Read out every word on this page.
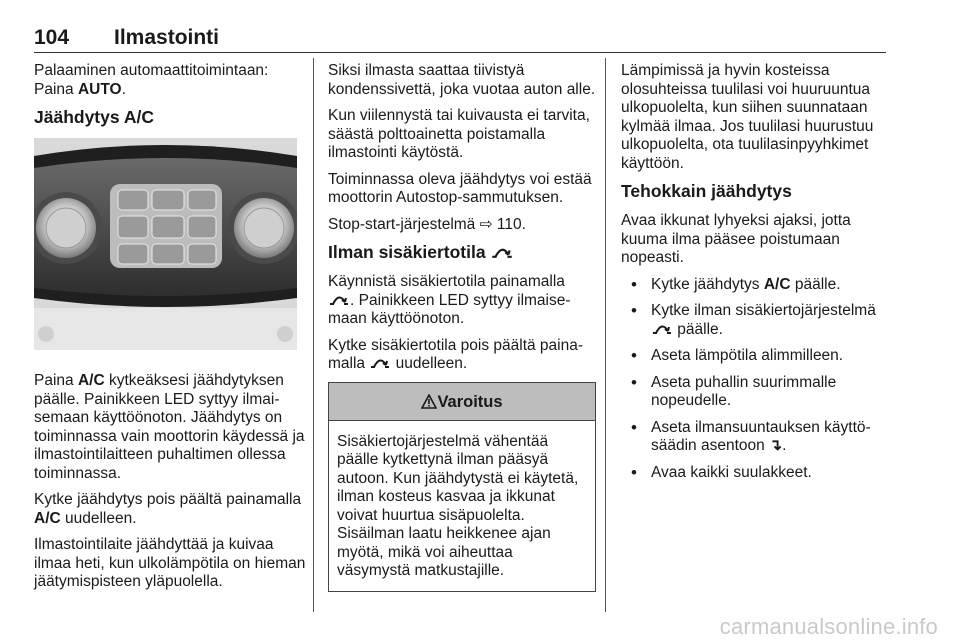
104 Ilmastointi

Palaaminen automaattitoimintaan: Paina AUTO.

Jäähdytys A/C

Paina A/C kytkeäksesi jäähdytyksen päälle. Painikkeen LED syttyy ilmaisemaan käyttöönoton. Jäähdytys on toiminnassa vain moottorin käydessä ja ilmastointilaitteen puhaltimen ollessa toiminnassa.

Kytke jäähdytys pois päältä painamalla A/C uudelleen.

Ilmastointilaite jäähdyttää ja kuivaa ilmaa heti, kun ulkolämpötila on hieman jäätymispisteen yläpuolella.

Siksi ilmasta saattaa tiivistyä kondenssivettä, joka vuotaa auton alle.

Kun viilennystä tai kuivausta ei tarvita, säästä polttoainetta poistamalla ilmastointi käytöstä.

Toiminnassa oleva jäähdytys voi estää moottorin Autostop-sammutuksen.

Stop-start-järjestelmä ⇨ 110.

Ilman sisäkiertotila

Käynnistä sisäkiertotila painamalla
. Painikkeen LED syttyy ilmaisemaan käyttöönoton.

Kytke sisäkiertotila pois päältä painamalla  uudelleen.

Varoitus
Sisäkiertojärjestelmä vähentää päälle kytkettynä ilman pääsyä autoon. Kun jäähdytystä ei käytetä, ilman kosteus kasvaa ja ikkunat voivat huurtua sisäpuolelta. Sisäilman laatu heikkenee ajan myötä, mikä voi aiheuttaa väsymystä matkustajille.

Lämpimissä ja hyvin kosteissa olosuhteissa tuulilasi voi huuruuntua ulkopuolelta, kun siihen suunnataan kylmää ilmaa. Jos tuulilasi huurustuu ulkopuolelta, ota tuulilasinpyyhkimet käyttöön.

Tehokkain jäähdytys

Avaa ikkunat lyhyeksi ajaksi, jotta kuuma ilma pääsee poistumaan nopeasti.

• Kytke jäähdytys A/C päälle.
• Kytke ilman sisäkiertojärjestelmä
päälle.
• Aseta lämpötila alimmilleen.
• Aseta puhallin suurimmalle nopeudelle.
• Aseta ilmansuuntauksen käyttösäädin asentoon ↴.
• Avaa kaikki suulakkeet.
carmanualsonline.info
